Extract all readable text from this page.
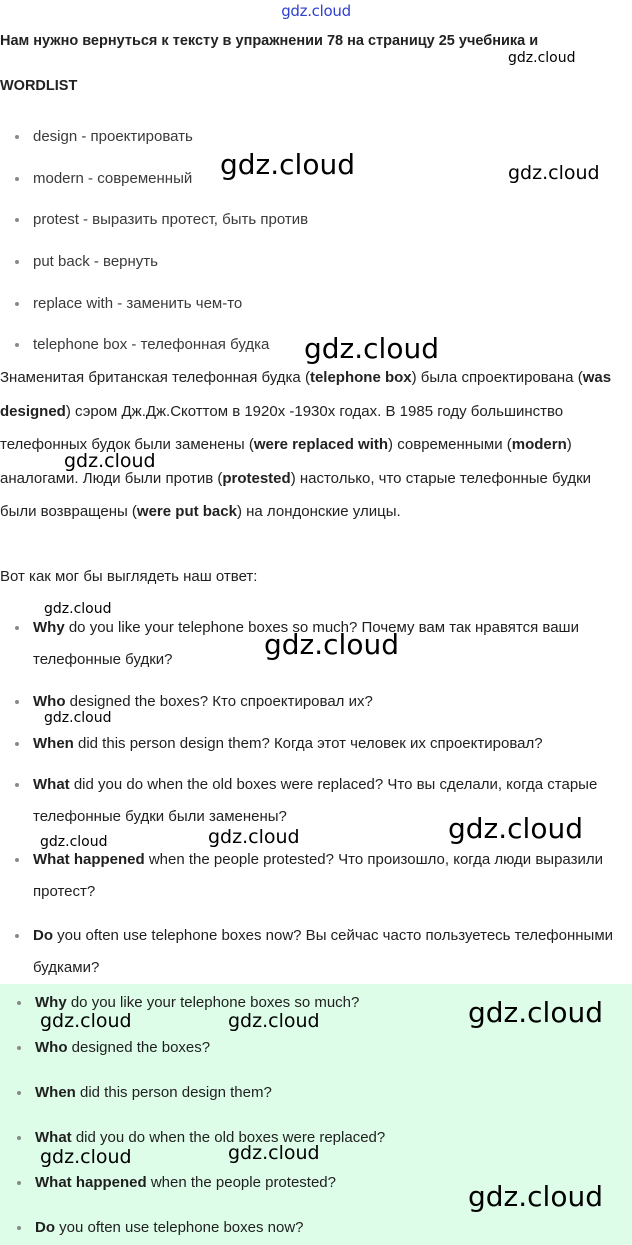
gdz.cloud
Нам нужно вернуться к тексту в упражнении 78 на страницу 25 учебника и
WORDLIST
design - проектировать
modern - современный
protest - выразить протест, быть против
put back - вернуть
replace with - заменить чем-то
telephone box - телефонная будка
Знаменитая британская телефонная будка (telephone box) была спроектирована (was designed) сэром Дж.Дж.Скоттом в 1920х -1930х годах. В 1985 году большинство телефонных будок были заменены (were replaced with) современными (modern) аналогами. Люди были против (protested) настолько, что старые телефонные будки были возвращены (were put back) на лондонские улицы.
Вот как мог бы выглядеть наш ответ:
Why do you like your telephone boxes so much? Почему вам так нравятся ваши телефонные будки?
Who designed the boxes? Кто спроектировал их?
When did this person design them? Когда этот человек их спроектировал?
What did you do when the old boxes were replaced? Что вы сделали, когда старые телефонные будки были заменены?
What happened when the people protested? Что произошло, когда люди выразили протест?
Do you often use telephone boxes now? Вы сейчас часто пользуетесь телефонными будками?
Why do you like your telephone boxes so much?
Who designed the boxes?
When did this person design them?
What did you do when the old boxes were replaced?
What happened when the people protested?
Do you often use telephone boxes now?
gdz.cloud
gdz.cloud	gdz.cloud
gdz.cloud
gdz.cloud
gdz.cloud
gdz.cloud
gdz.cloud
gdz.cloud
gdz.cloud
gdz.cloud
gdz.cloud
gdz.cloud	gdz.cloud
gdz.cloud
gdz.cloud
gdz.cloud
